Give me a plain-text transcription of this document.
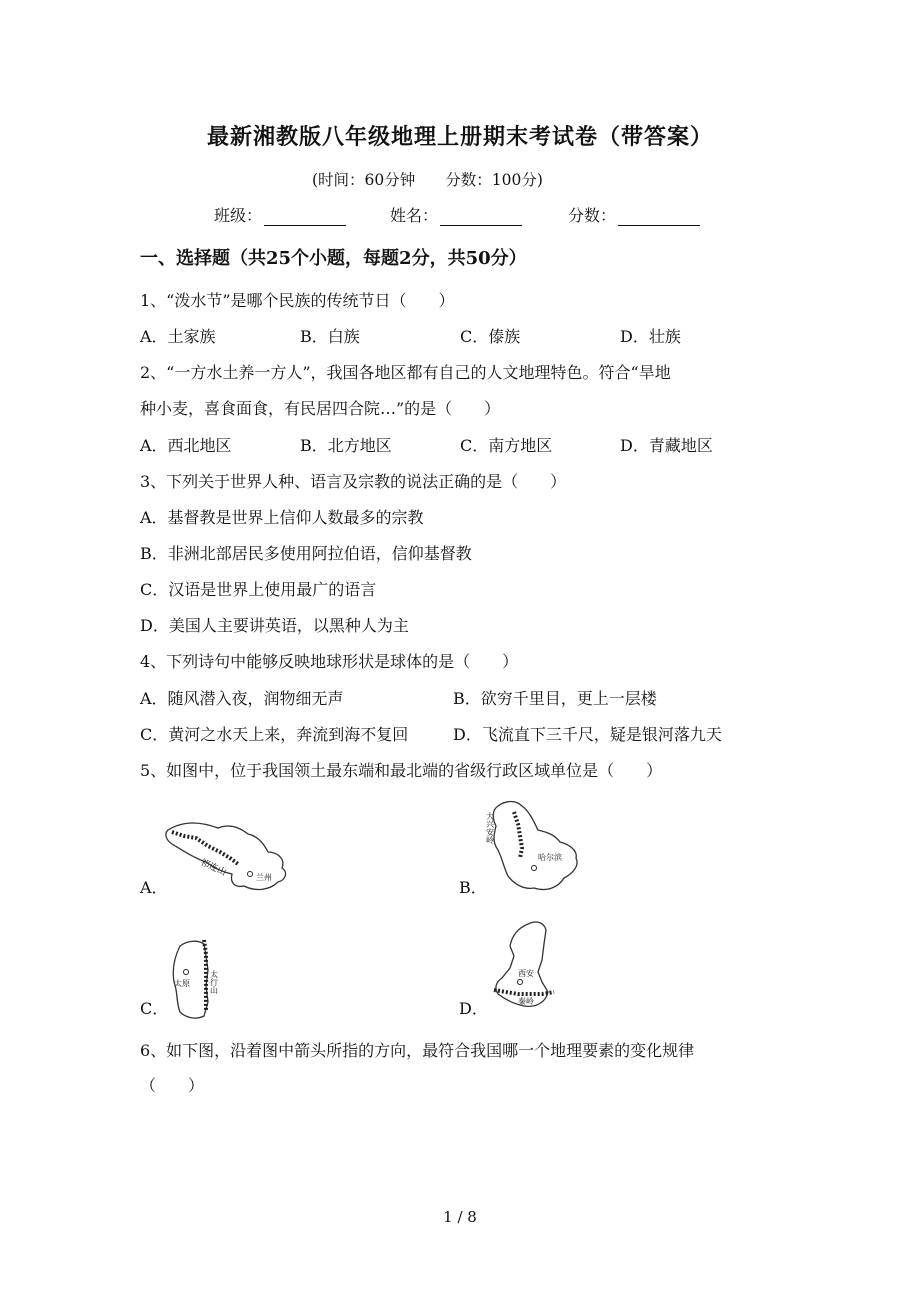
最新湘教版八年级地理上册期末考试卷（带答案）
(时间：60分钟 分数：100分)
班级：	姓名：	分数：
一、选择题（共25个小题，每题2分，共50分）
1、“泼水节”是哪个民族的传统节日（　　）
A．土家族	B．白族	C．傣族	D．壮族
2、“一方水土养一方人”，我国各地区都有自己的人文地理特色。符合“旱地
种小麦，喜食面食，有民居四合院…”的是（　　）
A．西北地区	B．北方地区	C．南方地区	D．青藏地区
3、下列关于世界人种、语言及宗教的说法正确的是（　　）
A．基督教是世界上信仰人数最多的宗教
B．非洲北部居民多使用阿拉伯语，信仰基督教
C．汉语是世界上使用最广的语言
D．美国人主要讲英语，以黑种人为主
4、下列诗句中能够反映地球形状是球体的是（　　）
A．随风潜入夜，润物细无声	B．欲穷千里目，更上一层楼
C．黄河之水天上来，奔流到海不复回	D．飞流直下三千尺，疑是银河落九天
5、如图中，位于我国领土最东端和最北端的省级行政区域单位是（　　）
A．
祁连山	兰州
B．
大兴安岭
哈尔滨
C．
太行山
太原
D．
西安
秦岭
6、如下图，沿着图中箭头所指的方向，最符合我国哪一个地理要素的变化规律
（　　）
1 / 8
